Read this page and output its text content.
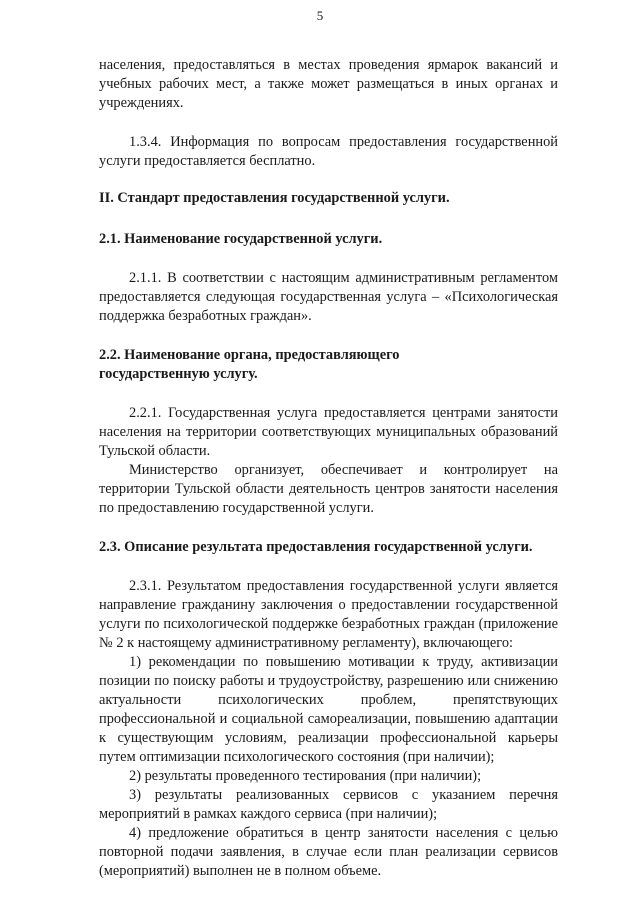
5

населения, предоставляться в местах проведения ярмарок вакансий и учебных рабочих мест, а также может размещаться в иных органах и учреждениях.

1.3.4. Информация по вопросам предоставления государственной услуги предоставляется бесплатно.

II. Стандарт предоставления государственной услуги.

2.1. Наименование государственной услуги.

2.1.1. В соответствии с настоящим административным регламентом предоставляется следующая государственная услуга – «Психологическая поддержка безработных граждан».

2.2. Наименование органа, предоставляющего

государственную услугу.

2.2.1. Государственная услуга предоставляется центрами занятости населения на территории соответствующих муниципальных образований Тульской области.

Министерство организует, обеспечивает и контролирует на территории Тульской области деятельность центров занятости населения по предоставлению государственной услуги.

2.3. Описание результата предоставления государственной услуги.

2.3.1. Результатом предоставления государственной услуги является направление гражданину заключения о предоставлении государственной услуги по психологической поддержке безработных граждан (приложение № 2 к настоящему административному регламенту), включающего:

1) рекомендации по повышению мотивации к труду, активизации позиции по поиску работы и трудоустройству, разрешению или снижению актуальности психологических проблем, препятствующих профессиональной и социальной самореализации, повышению адаптации к существующим условиям, реализации профессиональной карьеры путем оптимизации психологического состояния (при наличии);

2) результаты проведенного тестирования (при наличии);

3) результаты реализованных сервисов с указанием перечня мероприятий в рамках каждого сервиса (при наличии);

4) предложение обратиться в центр занятости населения с целью повторной подачи заявления, в случае если план реализации сервисов (мероприятий) выполнен не в полном объеме.
